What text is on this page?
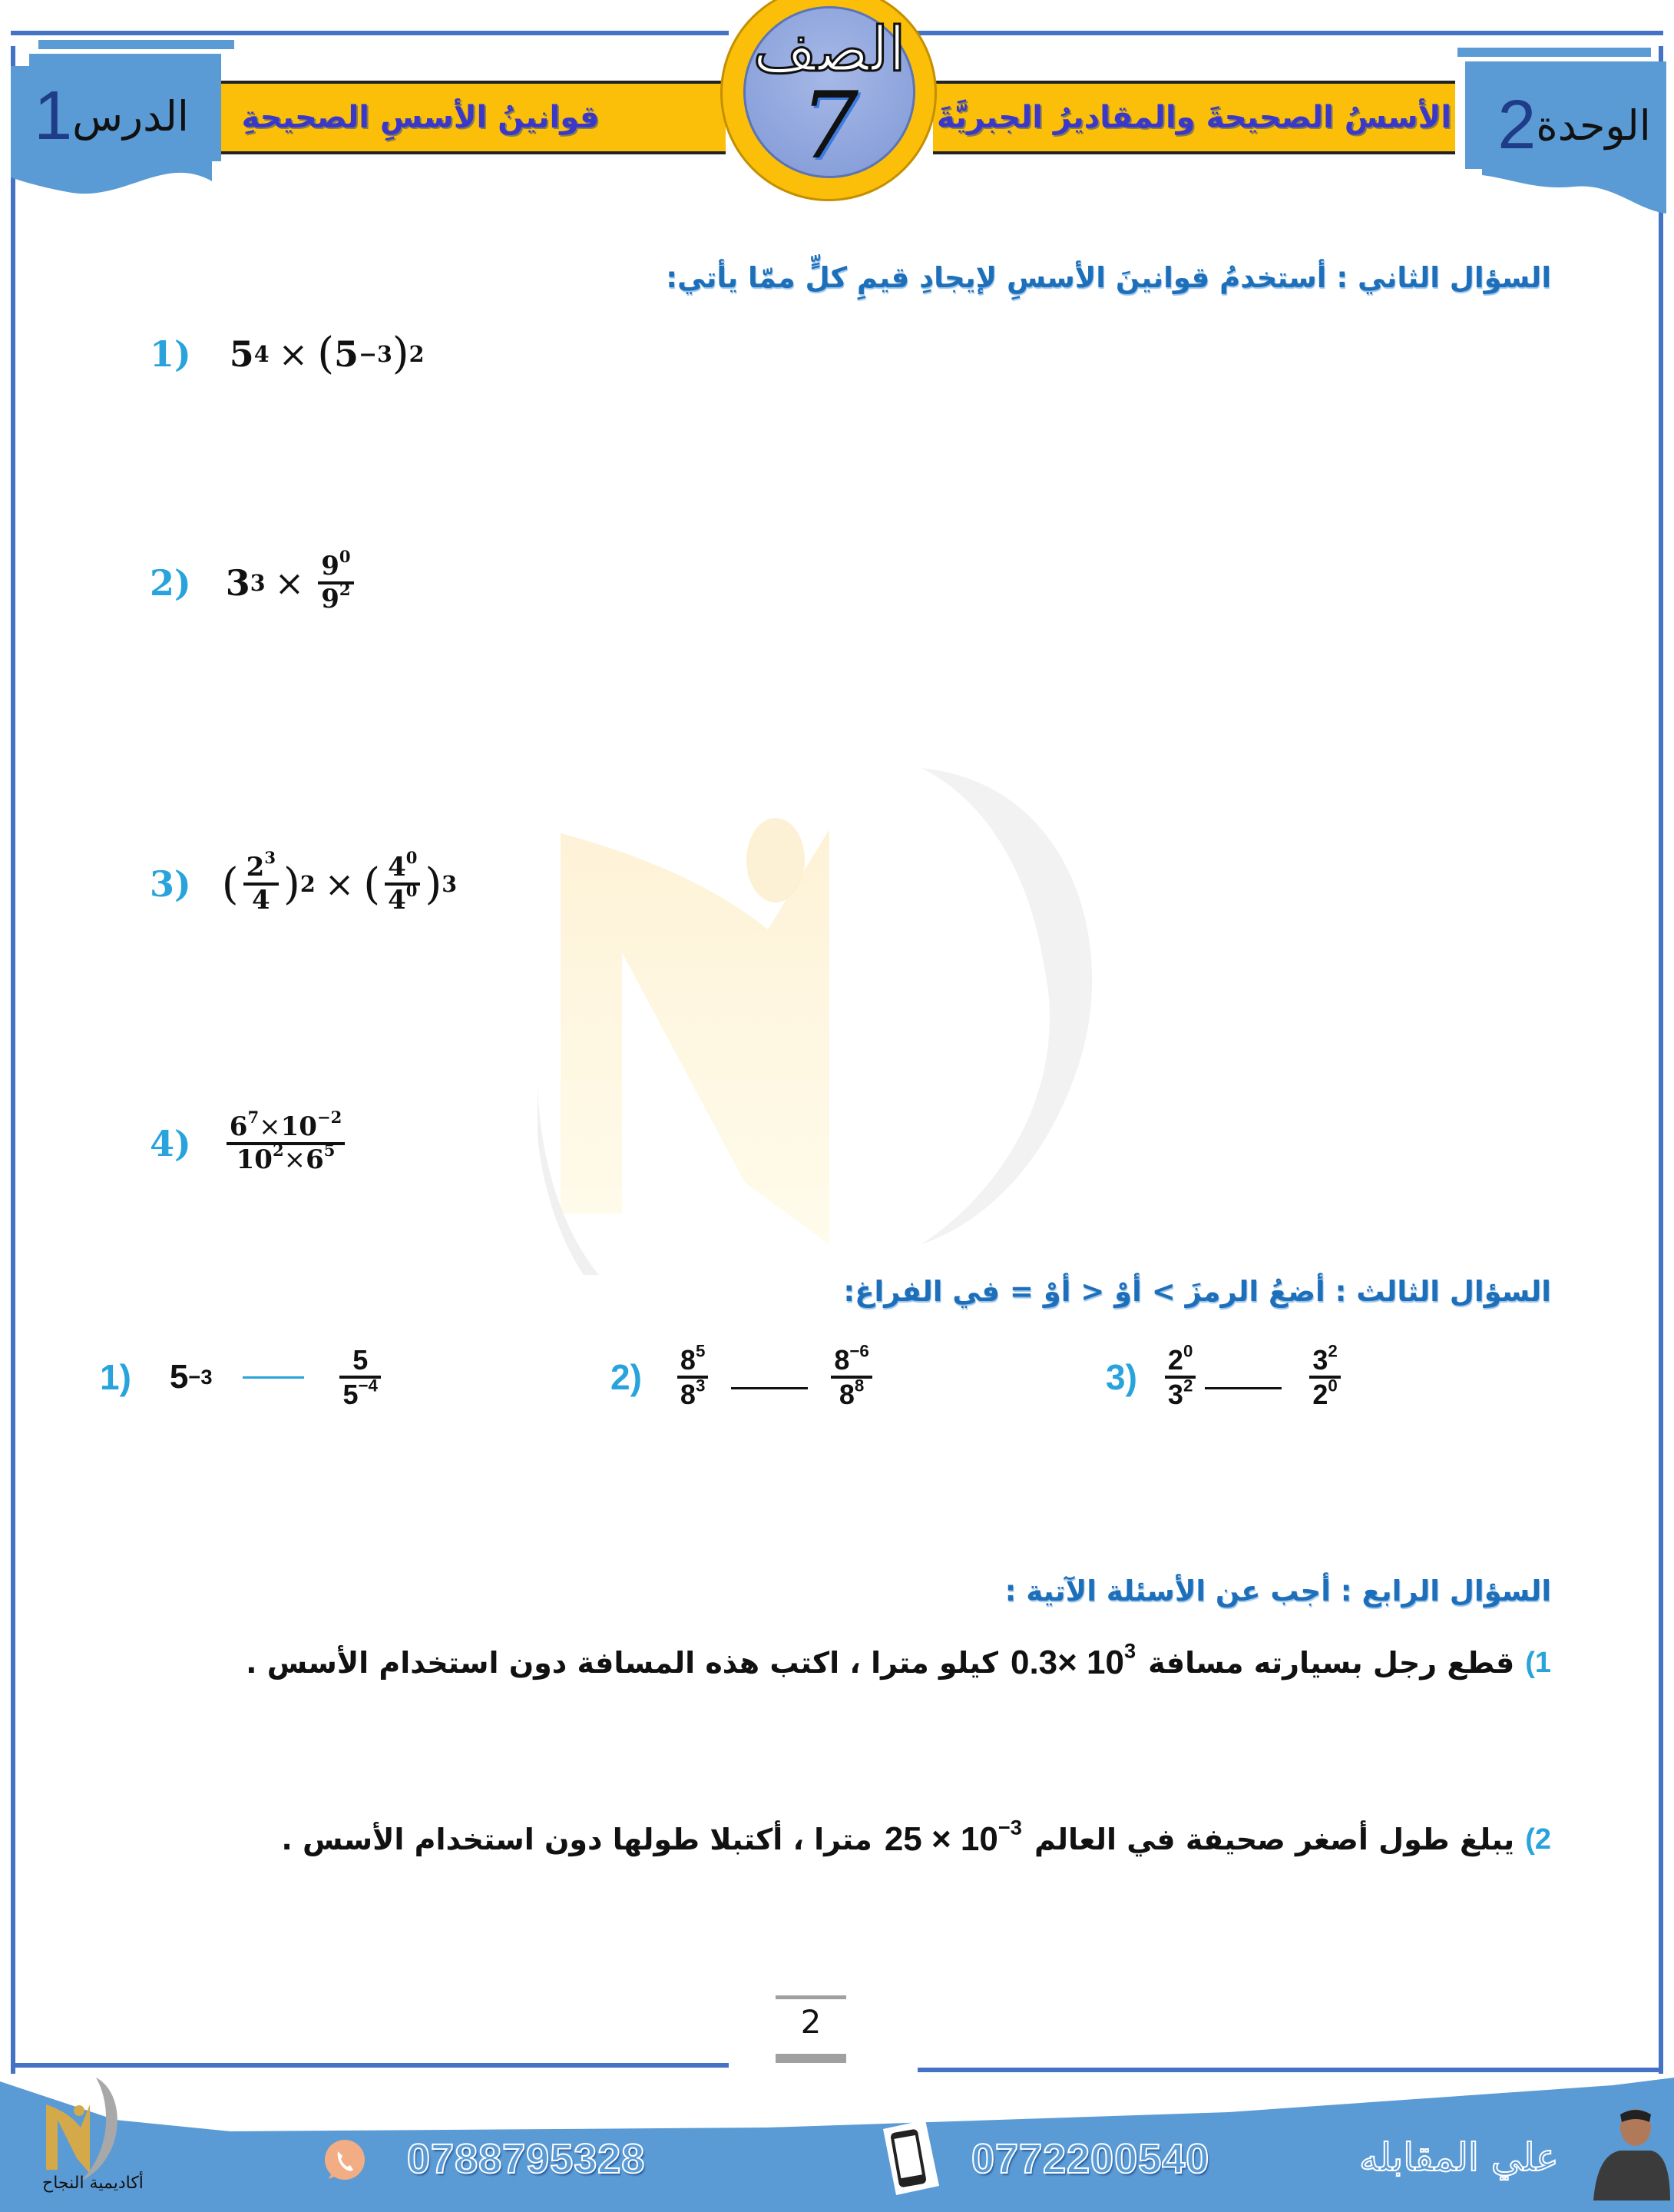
قوانينُ الأسسِ الصحيحةِ	الأسسُ الصحيحةَ والمقاديرُ الجبريَّةَ
الدرس
1	الوحدة
2
الصف
7
السؤال الثاني : أستخدمُ قوانينَ الأسسِ لإيجادِ قيمِ كلٍّ ممّا يأتي:
1) 5 4 × ( 5 −3 ) 2
2) 3 $3 \times \frac{9^0}{9^2}$
3) ( $\frac{2^3}{4}$ ) 2 × ( $\frac{4^0}{4^0}$ ) 3
$4) \frac{6^7\times 10^{-2}}{10^2\times 6^5}$
السؤال الثالث : أضعُ الرمزَ > أوْ < أوْ = في الفراغ:
1) 5 −3	$\frac{5}{5^{-4}}$	$2) \frac{8^5}{8^3}$	$\frac{8^{-6}}{8^8}$	$3) \frac{2^0}{3^2}$	$\frac{3^2}{2^0}$
السؤال الرابع : أجب عن الأسئلة الآتية :
1)
قطع رجل بسيارته مسافة
$0.3\times 10^3$
كيلو مترا ، اكتب هذه المسافة دون استخدام الأسس .
2)
يبلغ طول أصغر صحيفة في العالم
$25 \times 10^{-3}$
مترا ، أكتبلا طولها دون استخدام الأسس .
2
أكاديمية النجاح
0788795328	0772200540	علي المقابله
